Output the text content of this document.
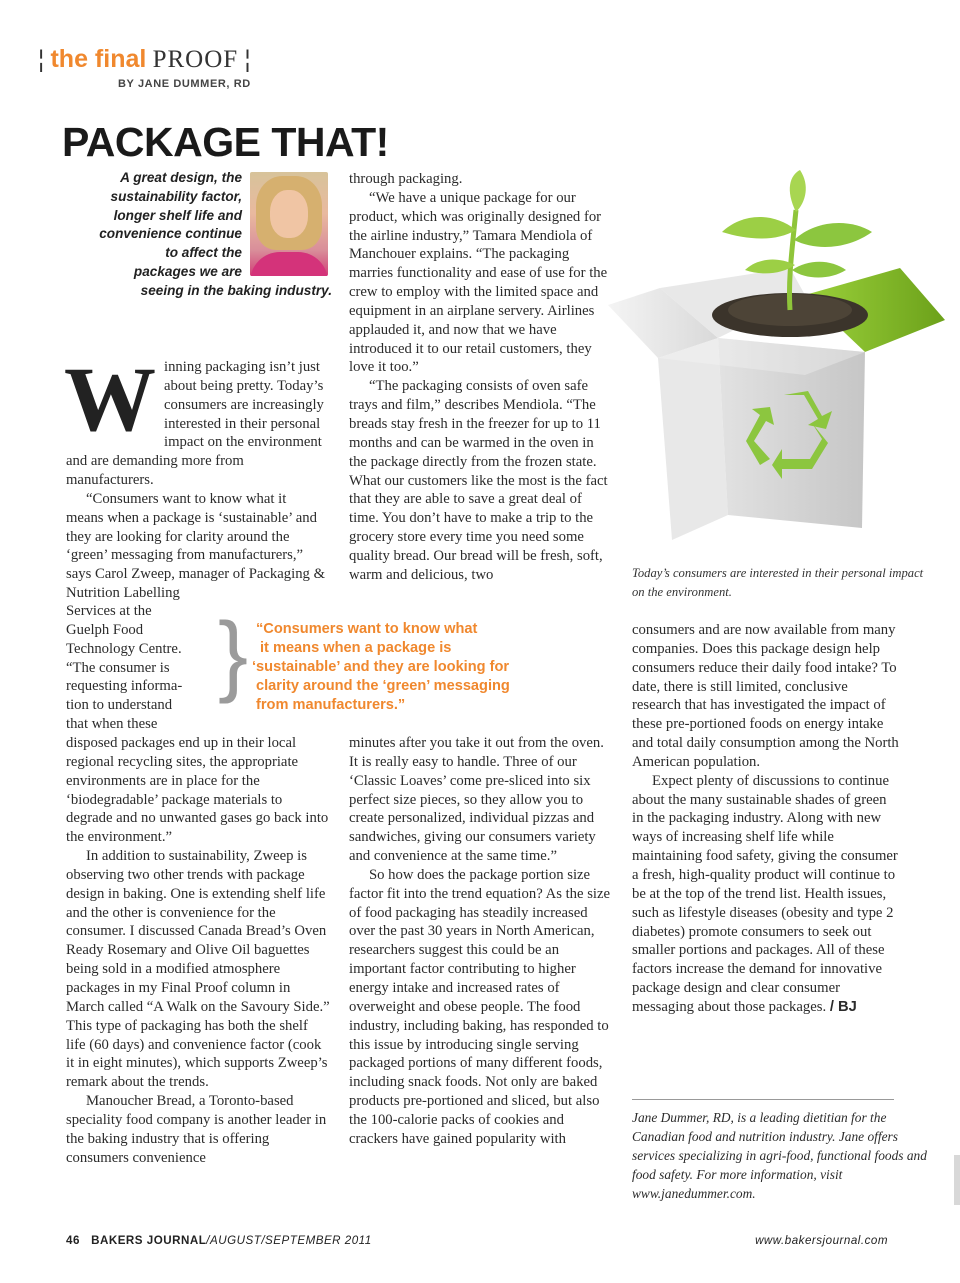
¦ the final PROOF ¦
BY JANE DUMMER, RD
PACKAGE THAT!
A great design, the
sustainability factor,
longer shelf life and
convenience continue
to affect the
packages we are
seeing in the baking industry.
W inning packaging isn’t just about being pretty. Today’s consumers are increasingly interested in their personal impact on the environment and are demanding more from manufacturers.

“Consumers want to know what it means when a package is ‘sustainable’ and they are looking for clarity around the ‘green’ messaging from manufacturers,” says Carol Zweep, manager of Packaging & Nutrition Labelling

Services at the

Guelph Food

Technology Centre.

“The consumer is

requesting informa-

tion to understand

that when these

disposed packages end up in their local regional recycling sites, the appropriate environments are in place for the ‘biodegradable’ package materials to degrade and no unwanted gases go back into the environment.”

In addition to sustainability, Zweep is observing two other trends with package design in baking. One is extending shelf life and the other is convenience for the consumer. I discussed Canada Bread’s Oven Ready Rosemary and Olive Oil baguettes being sold in a modified atmosphere packages in my Final Proof column in March called “A Walk on the Savoury Side.” This type of packaging has both the shelf life (60 days) and convenience factor (cook it in eight minutes), which supports Zweep’s remark about the trends.

Manoucher Bread, a Toronto-based speciality food company is another leader in the baking industry that is offering consumers convenience

through packaging.

“We have a unique package for our product, which was originally designed for the airline industry,” Tamara Mendiola of Manchouer explains. “The packaging marries functionality and ease of use for the crew to employ with the limited space and equipment in an airplane servery. Airlines applauded it, and now that we have introduced it to our retail customers, they love it too.”

“The packaging consists of oven safe trays and film,” describes Mendiola. “The breads stay fresh in the freezer for up to 11 months and can be warmed in the oven in the package directly from the frozen state. What our customers like the most is the fact that they are able to save a great deal of time. You don’t have to make a trip to the grocery store every time you need some quality bread. Our bread will be fresh, soft, warm and delicious, two

minutes after you take it out from the oven. It is really easy to handle. Three of our ‘Classic Loaves’ come pre-sliced into six perfect size pieces, so they allow you to create personalized, individual pizzas and sandwiches, giving our consumers variety and convenience at the same time.”

So how does the package portion size factor fit into the trend equation? As the size of food packaging has steadily increased over the past 30 years in North American, researchers suggest this could be an important factor contributing to higher energy intake and increased rates of overweight and obese people. The food industry, including baking, has responded to this issue by introducing single serving packaged portions of many different foods, including snack foods. Not only are baked products pre-portioned and sliced, but also the 100-calorie packs of cookies and crackers have gained popularity with

} “Consumers want to know what
it means when a package is
‘sustainable’ and they are looking for
clarity around the ‘green’ messaging
from manufacturers.”
Today’s consumers are interested in their personal impact on the environment.

consumers and are now available from many companies. Does this package design help consumers reduce their daily food intake? To date, there is still limited, conclusive research that has investigated the impact of these pre-portioned foods on energy intake and total daily consumption among the North American population.

Expect plenty of discussions to continue about the many sustainable shades of green in the packaging industry. Along with new ways of increasing shelf life while maintaining food safety, giving the consumer a fresh, high-quality product will continue to be at the top of the trend list. Health issues, such as lifestyle diseases (obesity and type 2 diabetes) promote consumers to seek out smaller portions and packages. All of these factors increase the demand for innovative package design and clear consumer messaging about those packages. / BJ

Jane Dummer, RD, is a leading dietitian for the Canadian food and nutrition industry. Jane offers services specializing in agri-food, functional foods and food safety. For more information, visit www.janedummer.com.
46 BAKERS JOURNAL/AUGUST/SEPTEMBER 2011	www.bakersjournal.com
